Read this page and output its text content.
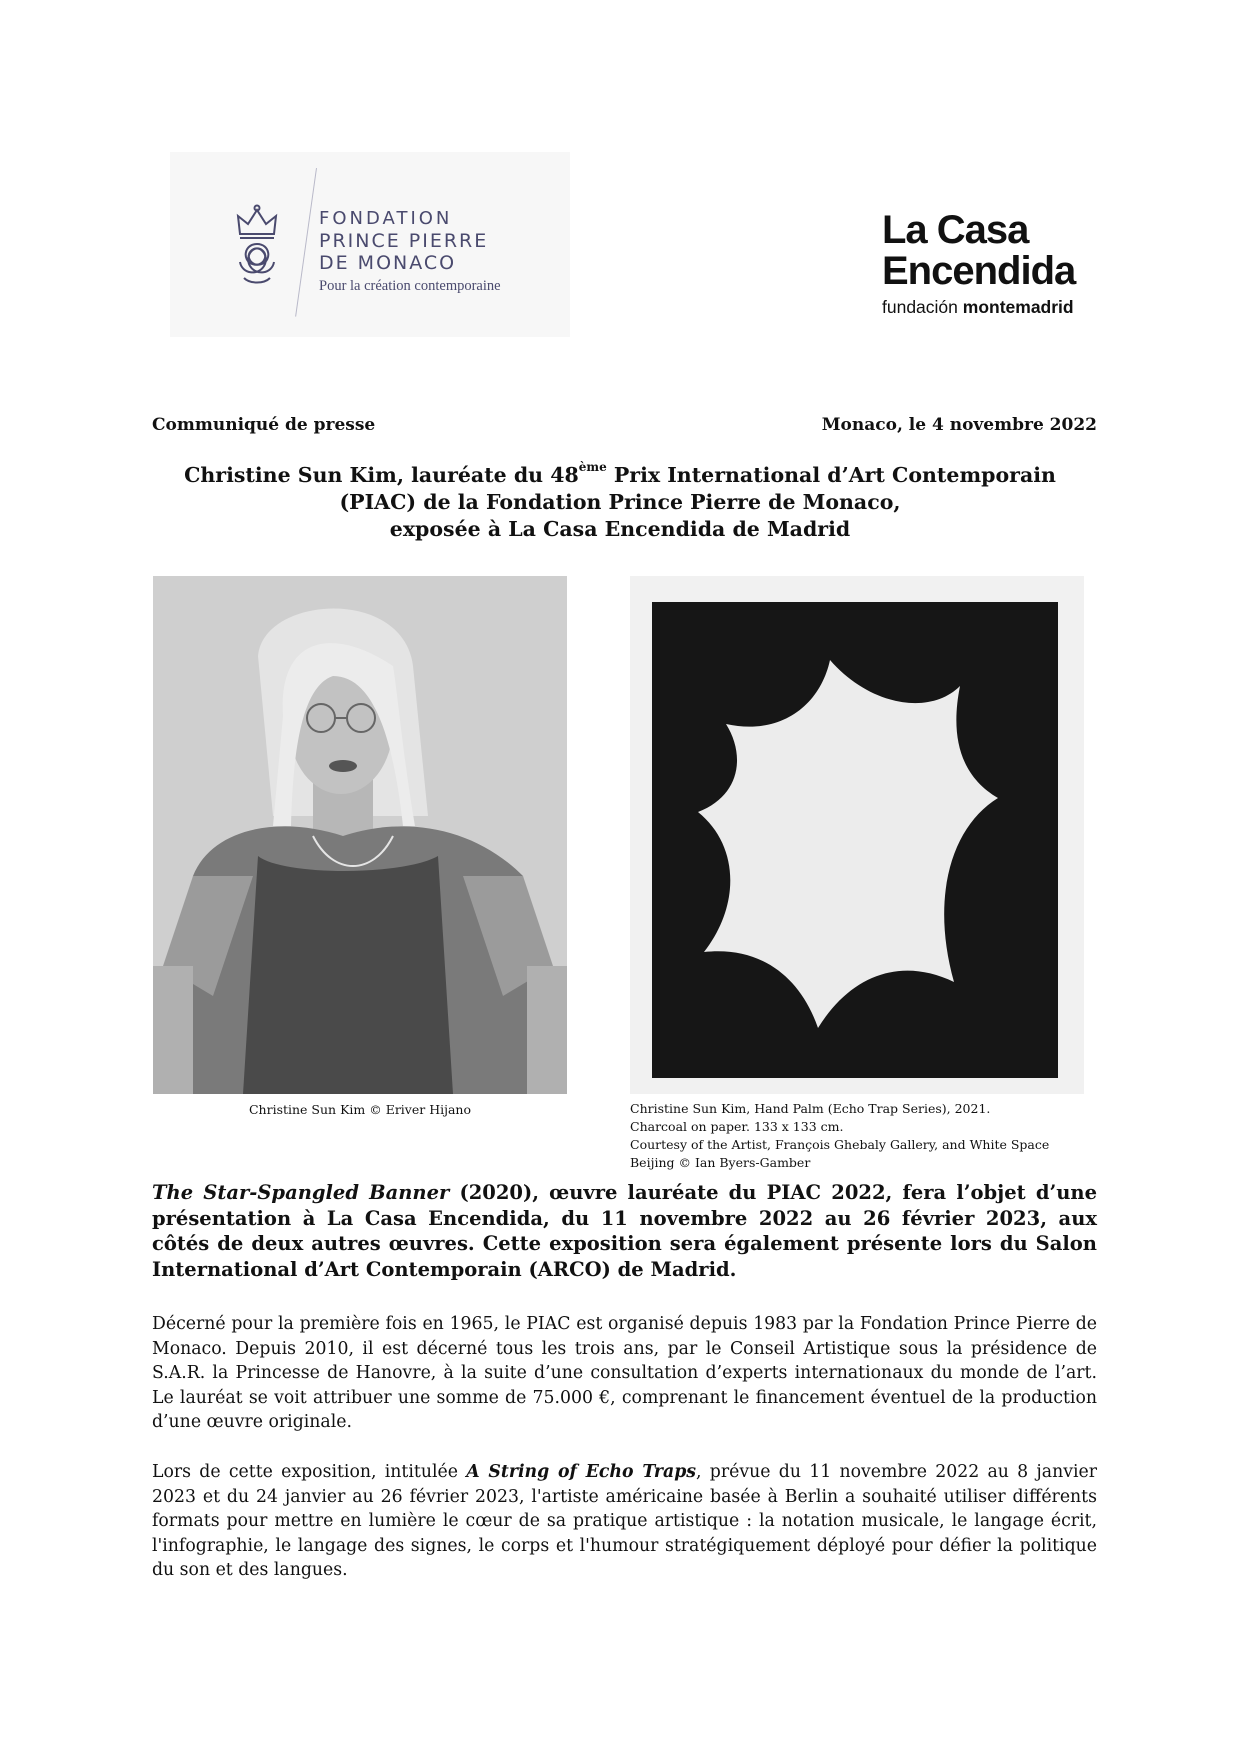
FONDATION
PRINCE PIERRE
DE MONACO
Pour la création contemporaine
La Casa
Encendida
fundación montemadrid
Communiqué de presse	Monaco, le 4 novembre 2022
Christine Sun Kim, lauréate du 48ème Prix International d’Art Contemporain
(PIAC) de la Fondation Prince Pierre de Monaco,
exposée à La Casa Encendida de Madrid
Christine Sun Kim © Eriver Hijano	Christine Sun Kim, Hand Palm (Echo Trap Series), 2021.
Charcoal on paper. 133 x 133 cm.
Courtesy of the Artist, François Ghebaly Gallery, and White Space
Beijing © Ian Byers-Gamber
The Star-Spangled Banner (2020), œuvre lauréate du PIAC 2022, fera l’objet d’une présentation à La Casa Encendida, du 11 novembre 2022 au 26 février 2023, aux côtés de deux autres œuvres. Cette exposition sera également présente lors du Salon International d’Art Contemporain (ARCO) de Madrid.
Décerné pour la première fois en 1965, le PIAC est organisé depuis 1983 par la Fondation Prince Pierre de Monaco. Depuis 2010, il est décerné tous les trois ans, par le Conseil Artistique sous la présidence de S.A.R. la Princesse de Hanovre, à la suite d’une consultation d’experts internationaux du monde de l’art. Le lauréat se voit attribuer une somme de 75.000 €, comprenant le financement éventuel de la production d’une œuvre originale.
Lors de cette exposition, intitulée A String of Echo Traps, prévue du 11 novembre 2022 au 8 janvier 2023 et du 24 janvier au 26 février 2023, l'artiste américaine basée à Berlin a souhaité utiliser différents formats pour mettre en lumière le cœur de sa pratique artistique : la notation musicale, le langage écrit, l'infographie, le langage des signes, le corps et l'humour stratégiquement déployé pour défier la politique du son et des langues.
